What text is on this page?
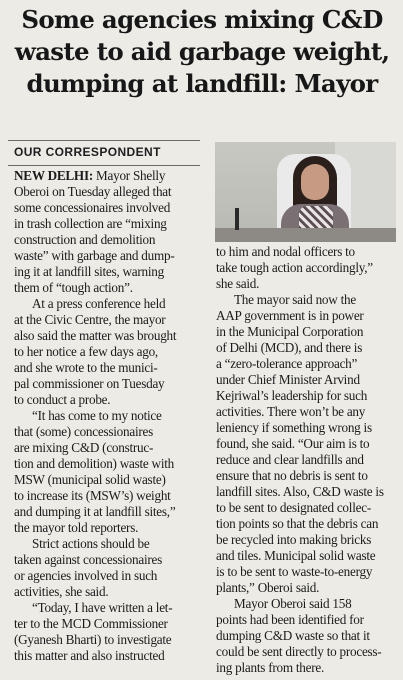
Some agencies mixing C&D
waste to aid garbage weight,
dumping at landfill: Mayor
OUR CORRESPONDENT

NEW DELHI: Mayor Shelly
Oberoi on Tuesday alleged that
some concessionaires involved
in trash collection are “mixing
construction and demolition
waste” with garbage and dump-
ing it at landfill sites, warning
them of “tough action”.

At a press conference held
at the Civic Centre, the mayor
also said the matter was brought
to her notice a few days ago,
and she wrote to the munici-
pal commissioner on Tuesday
to conduct a probe.

“It has come to my notice
that (some) concessionaires
are mixing C&D (construc-
tion and demolition) waste with
MSW (municipal solid waste)
to increase its (MSW’s) weight
and dumping it at landfill sites,”
the mayor told reporters.

Strict actions should be
taken against concessionaires
or agencies involved in such
activities, she said.

“Today, I have written a let-
ter to the MCD Commissioner
(Gyanesh Bharti) to investigate
this matter and also instructed

to him and nodal officers to
take tough action accordingly,”
she said.

The mayor said now the
AAP government is in power
in the Municipal Corporation
of Delhi (MCD), and there is
a “zero-tolerance approach”
under Chief Minister Arvind
Kejriwal’s leadership for such
activities. There won’t be any
leniency if something wrong is
found, she said. “Our aim is to
reduce and clear landfills and
ensure that no debris is sent to
landfill sites. Also, C&D waste is
to be sent to designated collec-
tion points so that the debris can
be recycled into making bricks
and tiles. Municipal solid waste
is to be sent to waste-to-energy
plants,” Oberoi said.

Mayor Oberoi said 158
points had been identified for
dumping C&D waste so that it
could be sent directly to process-
ing plants from there.
